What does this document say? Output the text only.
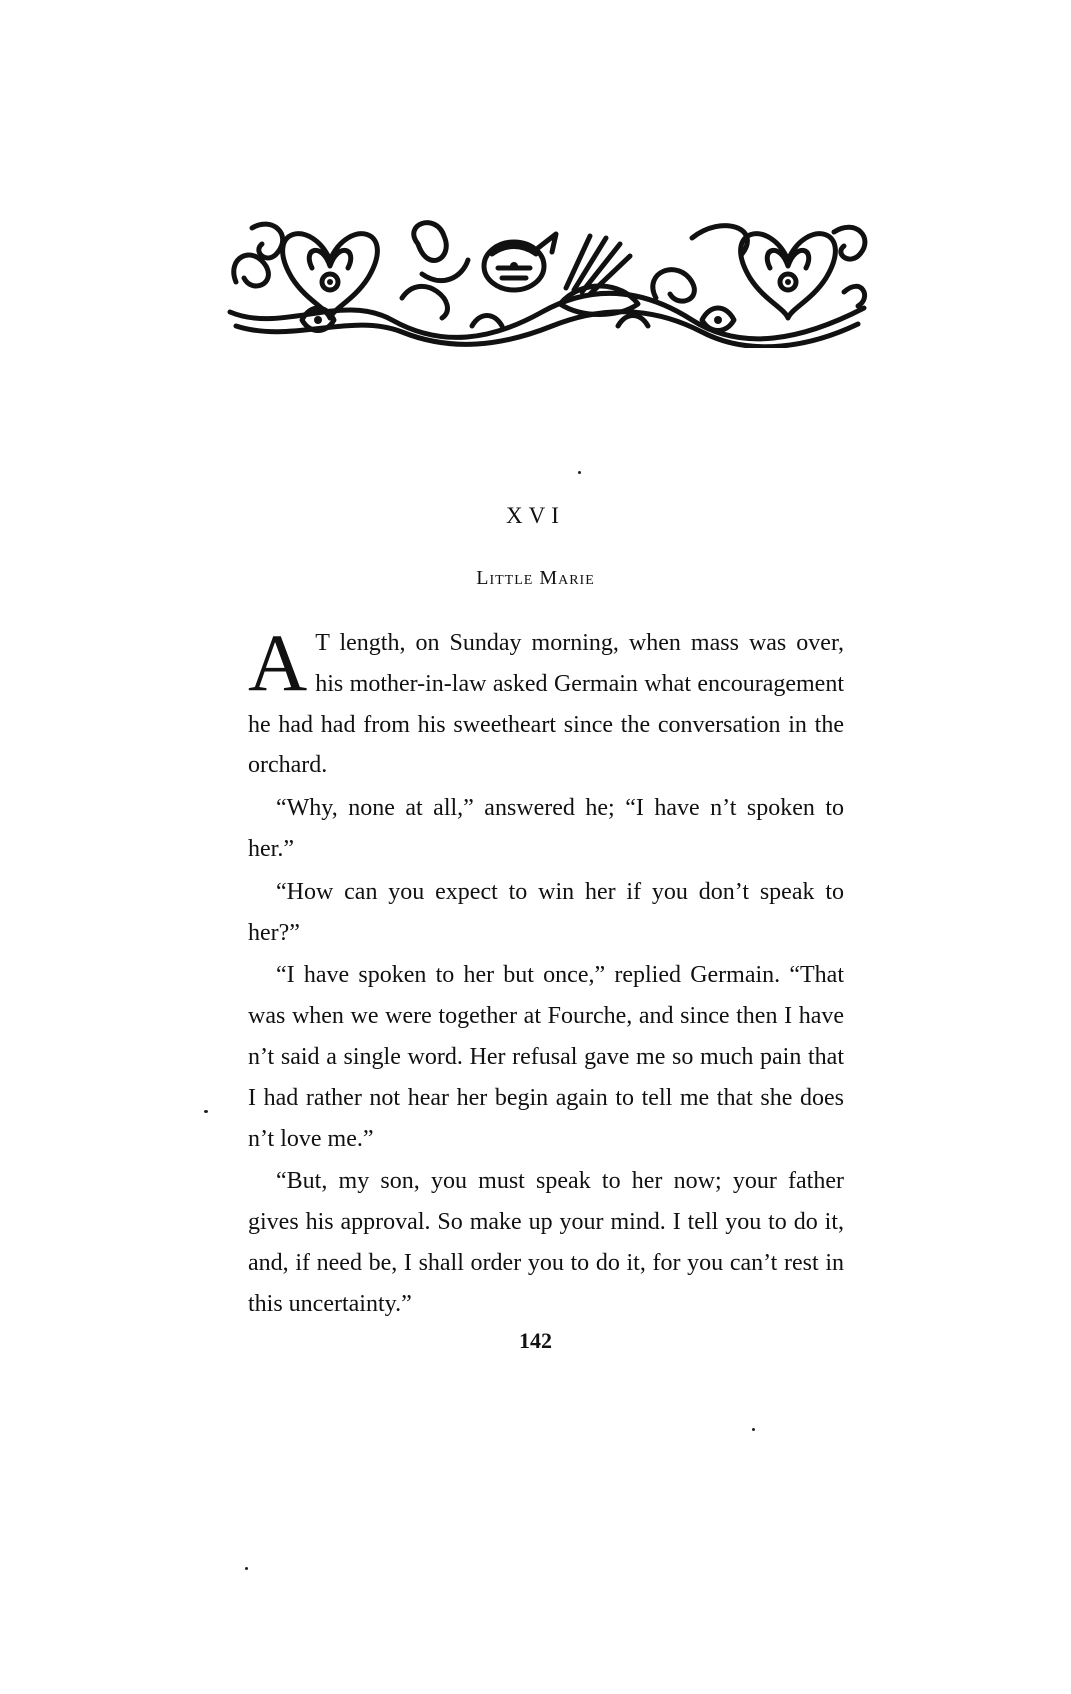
XVI
Little Marie

A T length, on Sunday morning, when mass was over, his mother-in-law asked Germain what encouragement he had had from his sweetheart since the conversation in the orchard.

“Why, none at all,” answered he; “I have n’t spoken to her.”

“How can you expect to win her if you don’t speak to her?”

“I have spoken to her but once,” replied Germain. “That was when we were together at Fourche, and since then I have n’t said a single word. Her refusal gave me so much pain that I had rather not hear her begin again to tell me that she does n’t love me.”

“But, my son, you must speak to her now; your father gives his approval. So make up your mind. I tell you to do it, and, if need be, I shall order you to do it, for you can’t rest in this uncertainty.”

142
